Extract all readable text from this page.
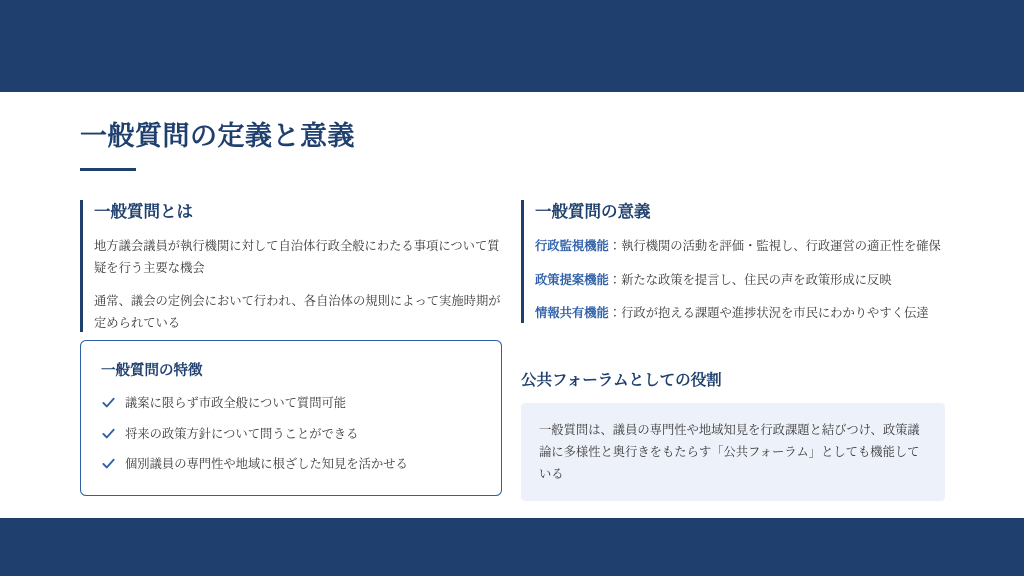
一般質問の定義と意義
一般質問とは
地方議会議員が執行機関に対して自治体行政全般にわたる事項について質疑を行う主要な機会
通常、議会の定例会において行われ、各自治体の規則によって実施時期が定められている
一般質問の特徴
議案に限らず市政全般について質問可能
将来の政策方針について問うことができる
個別議員の専門性や地域に根ざした知見を活かせる
一般質問の意義
行政監視機能：執行機関の活動を評価・監視し、行政運営の適正性を確保
政策提案機能：新たな政策を提言し、住民の声を政策形成に反映
情報共有機能：行政が抱える課題や進捗状況を市民にわかりやすく伝達
公共フォーラムとしての役割
一般質問は、議員の専門性や地域知見を行政課題と結びつけ、政策議論に多様性と奥行きをもたらす「公共フォーラム」としても機能している
